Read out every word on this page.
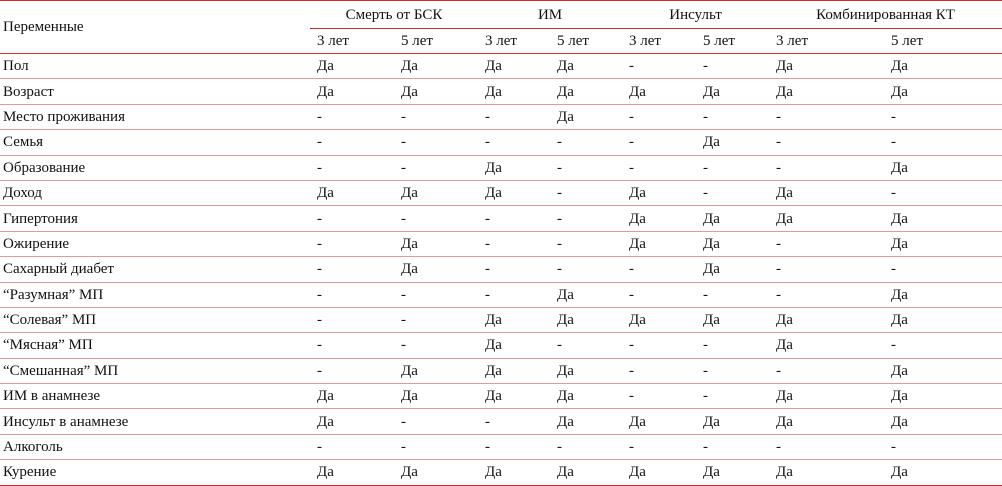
Переменные	Смерть от БСК		ИМ		Инсульт		Комбинированная КТ	
	3 лет	5 лет	3 лет	5 лет	3 лет	5 лет	3 лет	5 лет
Пол	Да	Да	Да	Да	-	-	Да	Да
Возраст	Да	Да	Да	Да	Да	Да	Да	Да
Место проживания	-	-	-	Да	-	-	-	-
Семья	-	-	-	-	-	Да	-	-
Образование	-	-	Да	-	-	-	-	Да
Доход	Да	Да	Да	-	Да	-	Да	-
Гипертония	-	-	-	-	Да	Да	Да	Да
Ожирение	-	Да	-	-	Да	Да	-	Да
Сахарный диабет	-	Да	-	-	-	Да	-	-
“Разумная” МП	-	-	-	Да	-	-	-	Да
“Солевая” МП	-	-	Да	Да	Да	Да	Да	Да
“Мясная” МП	-	-	Да	-	-	-	Да	-
“Смешанная” МП	-	Да	Да	Да	-	-	-	Да
ИМ в анамнезе	Да	Да	Да	Да	-	-	Да	Да
Инсульт в анамнезе	Да	-	-	Да	Да	Да	Да	Да
Алкоголь	-	-	-	-	-	-	-	-
Курение	Да	Да	Да	Да	Да	Да	Да	Да
